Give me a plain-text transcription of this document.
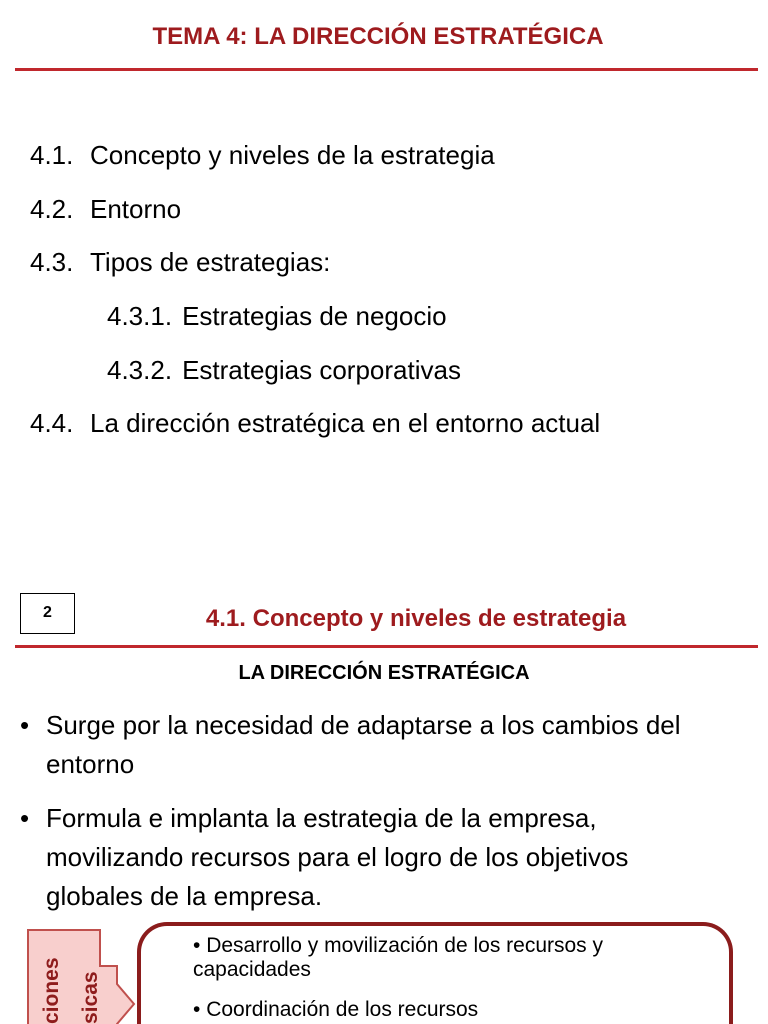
TEMA 4: LA DIRECCIÓN ESTRATÉGICA
4.1. Concepto y niveles de la estrategia
4.2. Entorno
4.3. Tipos de estrategias:
4.3.1. Estrategias de negocio
4.3.2. Estrategias corporativas
4.4. La dirección estratégica en el entorno actual
2	4.1. Concepto y niveles de estrategia
LA DIRECCIÓN ESTRATÉGICA
• Surge por la necesidad de adaptarse a los cambios del
entorno
• Formula e implanta la estrategia de la empresa,
movilizando recursos para el logro de los objetivos
globales de la empresa.
ciones sicas
• Desarrollo y movilización de los recursos y capacidades
• Coordinación de los recursos
